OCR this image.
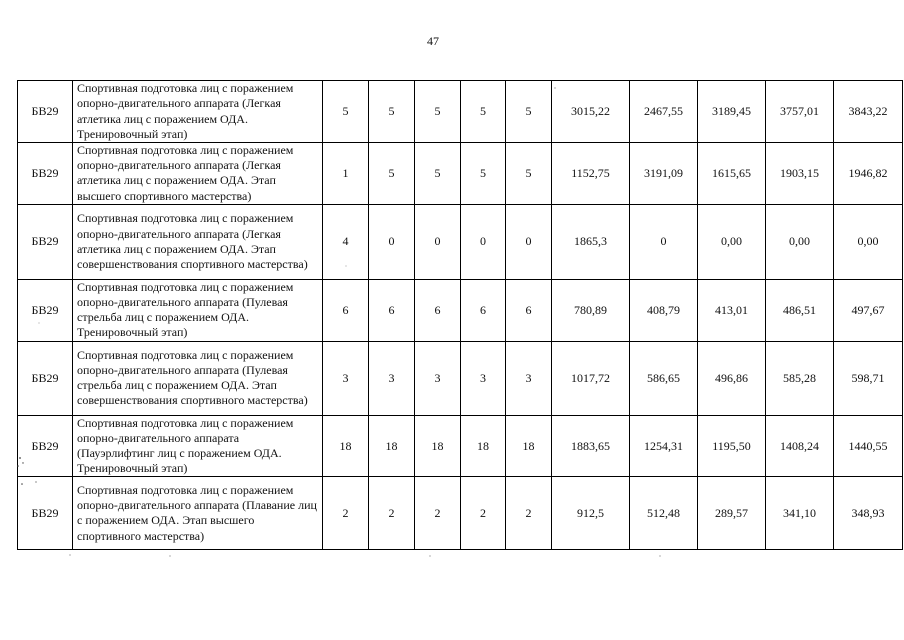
47
БВ29	Спортивная подготовка лиц с поражением опорно-двигательного аппарата (Легкая атлетика лиц с поражением ОДА. Тренировочный этап)	5	5	5	5	5	3015,22	2467,55	3189,45	3757,01	3843,22
БВ29	Спортивная подготовка лиц с поражением опорно-двигательного аппарата (Легкая атлетика лиц с поражением ОДА. Этап высшего спортивного мастерства)	1	5	5	5	5	1152,75	3191,09	1615,65	1903,15	1946,82
БВ29	Спортивная подготовка лиц с поражением опорно-двигательного аппарата (Легкая атлетика лиц с поражением ОДА. Этап совершенствования спортивного мастерства)	4	0	0	0	0	1865,3	0	0,00	0,00	0,00
БВ29	Спортивная подготовка лиц с поражением опорно-двигательного аппарата (Пулевая стрельба лиц с поражением ОДА. Тренировочный этап)	6	6	6	6	6	780,89	408,79	413,01	486,51	497,67
БВ29	Спортивная подготовка лиц с поражением опорно-двигательного аппарата (Пулевая стрельба лиц с поражением ОДА. Этап совершенствования спортивного мастерства)	3	3	3	3	3	1017,72	586,65	496,86	585,28	598,71
БВ29	Спортивная подготовка лиц с поражением опорно-двигательного аппарата (Пауэрлифтинг лиц с поражением ОДА. Тренировочный этап)	18	18	18	18	18	1883,65	1254,31	1195,50	1408,24	1440,55
БВ29	Спортивная подготовка лиц с поражением опорно-двигательного аппарата (Плавание лиц с поражением ОДА. Этап высшего спортивного мастерства)	2	2	2	2	2	912,5	512,48	289,57	341,10	348,93
